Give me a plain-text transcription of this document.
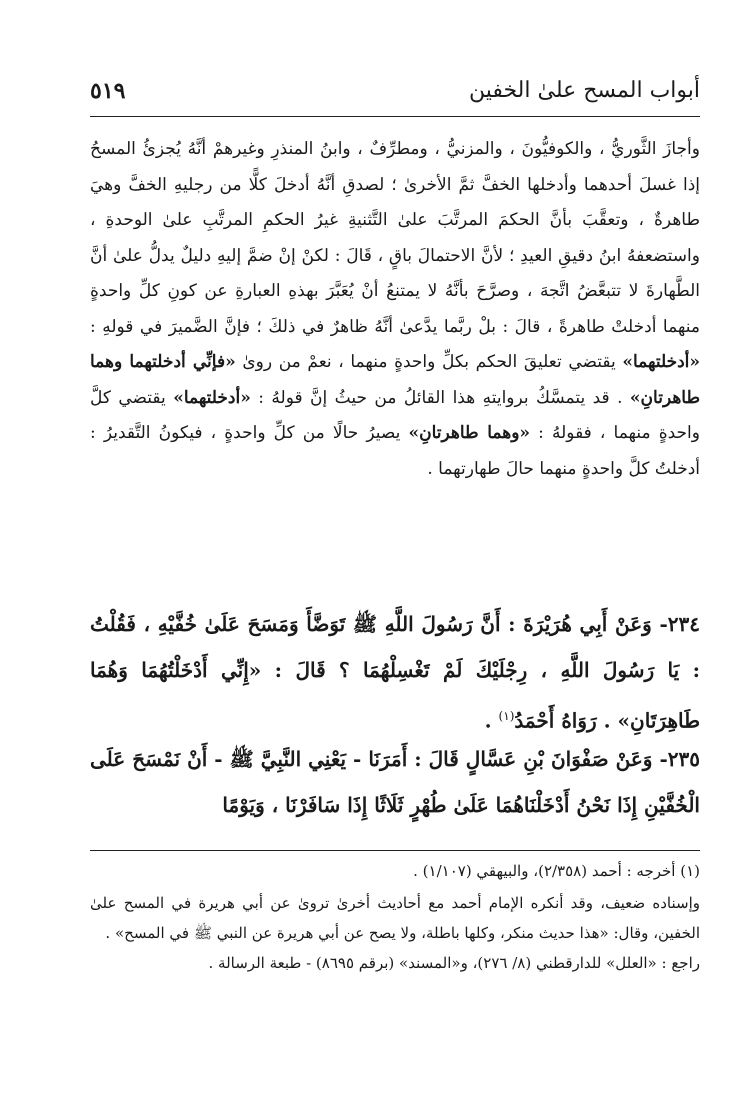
أبواب المسح علىٰ الخفين
٥١٩

وأجازَ الثَّوريُّ ، والكوفيُّونَ ، والمزنيُّ ، ومطرِّفٌ ، وابنُ المنذرِ وغيرهمْ أنَّهُ يُجزئُ المسحُ إذا غسلَ أحدهما وأدخلها الخفَّ ثمَّ الأخرىٰ ؛ لصدقِ أنَّهُ أدخلَ كلًّا من رجليهِ الخفَّ وهيَ طاهرةٌ ، وتعقَّبَ بأنَّ الحكمَ المرتَّبَ علىٰ التَّثنيةِ غيرُ الحكمِ المرتَّبِ علىٰ الوحدةِ ، واستضعفهُ ابنُ دقيقِ العيدِ ؛ لأنَّ الاحتمالَ باقٍ ، قَالَ : لكنْ إنْ ضمَّ إليهِ دليلٌ يدلُّ علىٰ أنَّ الطَّهارةَ لا تتبعَّضُ اتَّجهَ ، وصرَّحَ بأنَّهُ لا يمتنعُ أنْ يُعَبَّرَ بهذهِ العبارةِ عن كونِ كلِّ واحدةٍ منهما أدخلتْ طاهرةً ، قالَ : بلْ ربَّما يدَّعىٰ أنَّهُ ظاهرٌ في ذلكَ ؛ فإنَّ الضَّميرَ في قولهِ : «أدخلتهما» يقتضي تعليقَ الحكم بكلِّ واحدةٍ منهما ، نعمْ من روىٰ «فإنِّي أدخلتهما وهما طاهرتانِ» . قد يتمسَّكُ بروايتهِ هذا القائلُ من حيثُ إنَّ قولهُ : «أدخلتهما» يقتضي كلَّ واحدةٍ منهما ، فقولهُ : «وهما طاهرتانِ» يصيرُ حالًا من كلِّ واحدةٍ ، فيكونُ التَّقديرُ : أدخلتُ كلَّ واحدةٍ منهما حالَ طهارتهما .

٢٣٤- وَعَنْ أَبِي هُرَيْرَةَ : أَنَّ رَسُولَ اللَّهِ ﷺ تَوَضَّأَ وَمَسَحَ عَلَىٰ خُفَّيْهِ ، فَقُلْتُ : يَا رَسُولَ اللَّهِ ، رِجْلَيْكَ لَمْ تَغْسِلْهُمَا ؟ قَالَ : «إِنِّي أَدْخَلْتُهُمَا وَهُمَا طَاهِرَتَانِ» . رَوَاهُ أَحْمَدُ$^{(١)}$ .

٢٣٥- وَعَنْ صَفْوَانَ بْنِ عَسَّالٍ قَالَ : أَمَرَنَا - يَعْنِي النَّبِيَّ ﷺ - أَنْ نَمْسَحَ عَلَى الْخُفَّيْنِ إِذَا نَحْنُ أَدْخَلْنَاهُمَا عَلَىٰ طُهْرٍ ثَلَاثًا إِذَا سَافَرْنَا ، وَيَوْمًا

(١) أخرجه : أحمد (٢/٣٥٨)، والبيهقي (١/١٠٧) .

وإسناده ضعيف، وقد أنكره الإمام أحمد مع أحاديث أخرىٰ تروىٰ عن أبي هريرة في المسح علىٰ الخفين، وقال: «هذا حديث منكر، وكلها باطلة، ولا يصح عن أبي هريرة عن النبي ﷺ في المسح» .

راجع : «العلل» للدارقطني (٨/ ٢٧٦)، و«المسند» (برقم ٨٦٩٥) - طبعة الرسالة .
